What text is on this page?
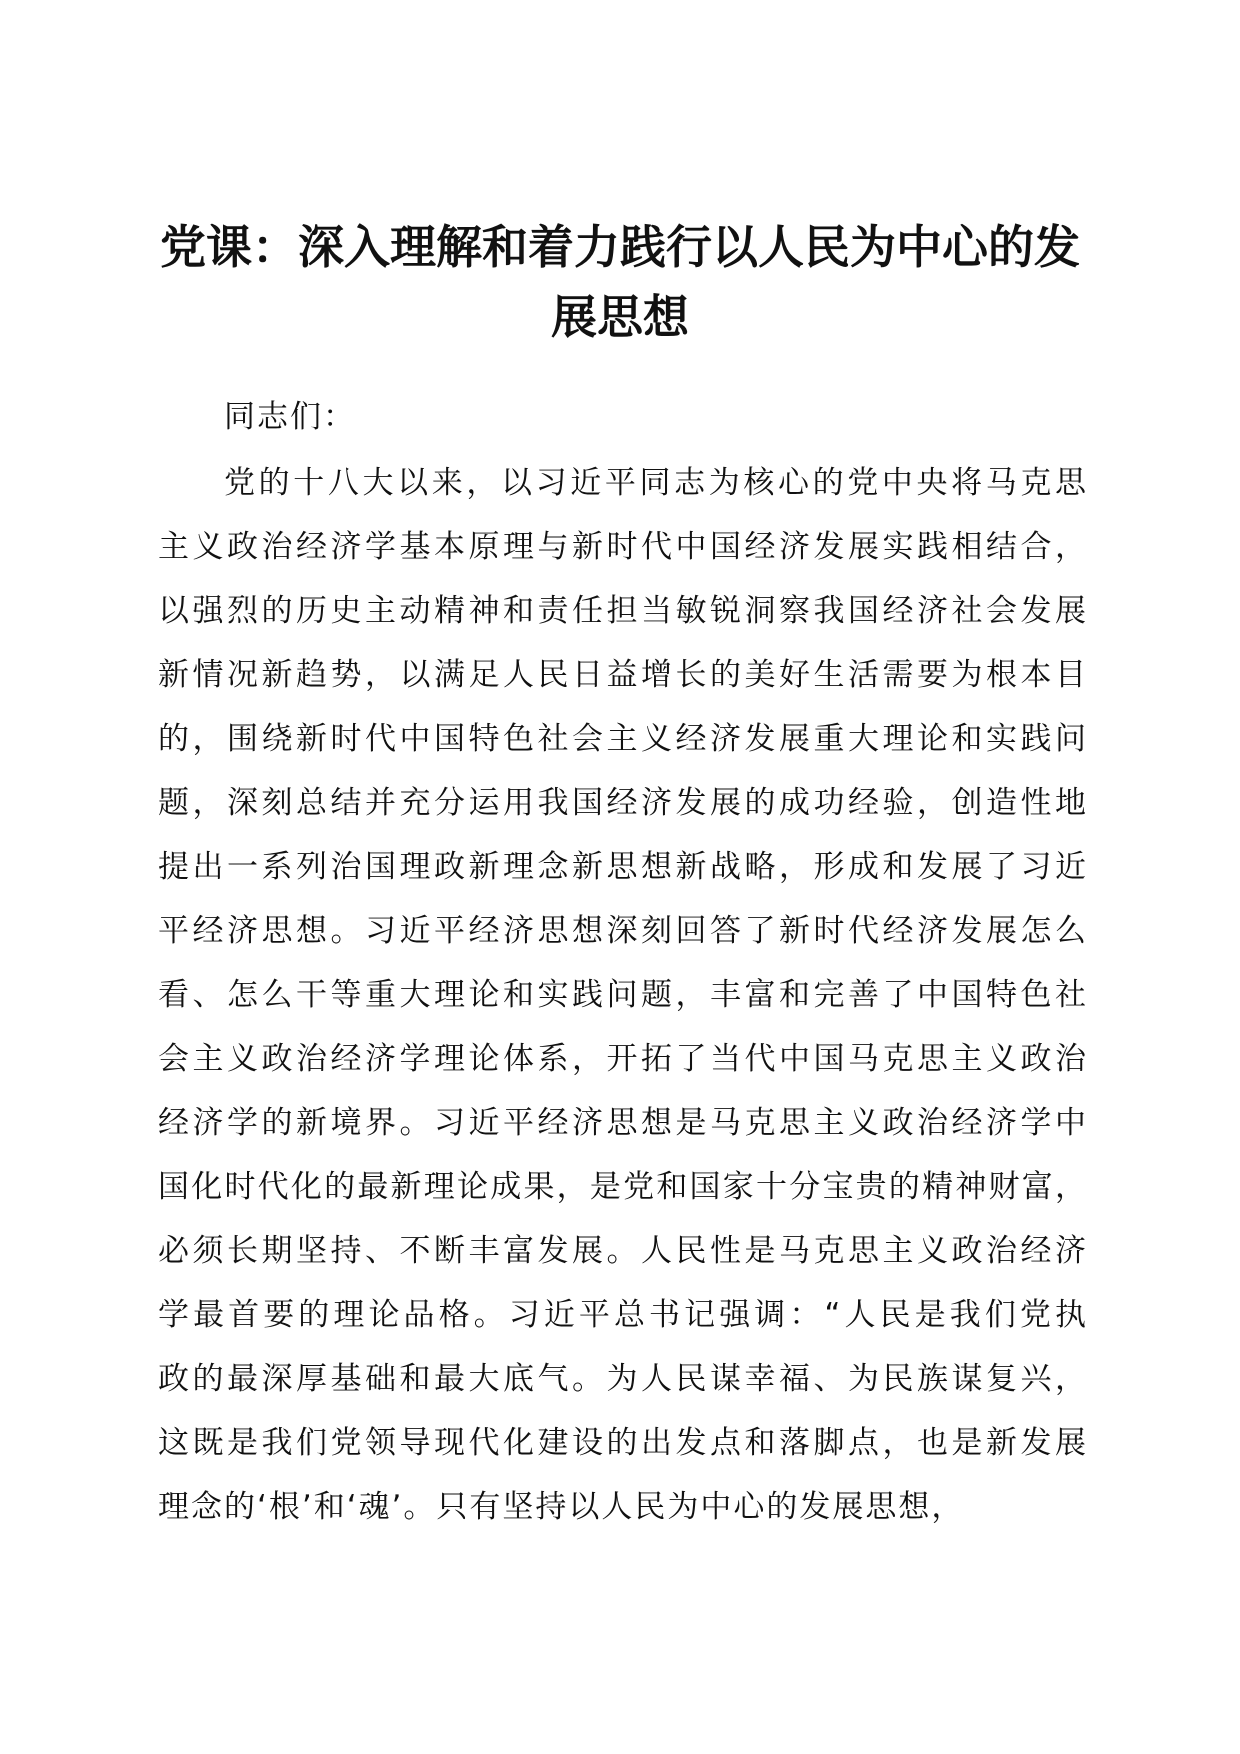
党课：深入理解和着力践行以人民为中心的发
展思想
同志们：
党的十八大以来，以习近平同志为核心的党中央将马克思
主义政治经济学基本原理与新时代中国经济发展实践相结合，
以强烈的历史主动精神和责任担当敏锐洞察我国经济社会发展
新情况新趋势，以满足人民日益增长的美好生活需要为根本目
的，围绕新时代中国特色社会主义经济发展重大理论和实践问
题，深刻总结并充分运用我国经济发展的成功经验，创造性地
提出一系列治国理政新理念新思想新战略，形成和发展了习近
平经济思想。习近平经济思想深刻回答了新时代经济发展怎么
看、怎么干等重大理论和实践问题，丰富和完善了中国特色社
会主义政治经济学理论体系，开拓了当代中国马克思主义政治
经济学的新境界。习近平经济思想是马克思主义政治经济学中
国化时代化的最新理论成果，是党和国家十分宝贵的精神财富，
必须长期坚持、不断丰富发展。人民性是马克思主义政治经济
学最首要的理论品格。习近平总书记强调：“人民是我们党执
政的最深厚基础和最大底气。为人民谋幸福、为民族谋复兴，
这既是我们党领导现代化建设的出发点和落脚点，也是新发展
理念的‘根’和‘魂’。只有坚持以人民为中心的发展思想，
